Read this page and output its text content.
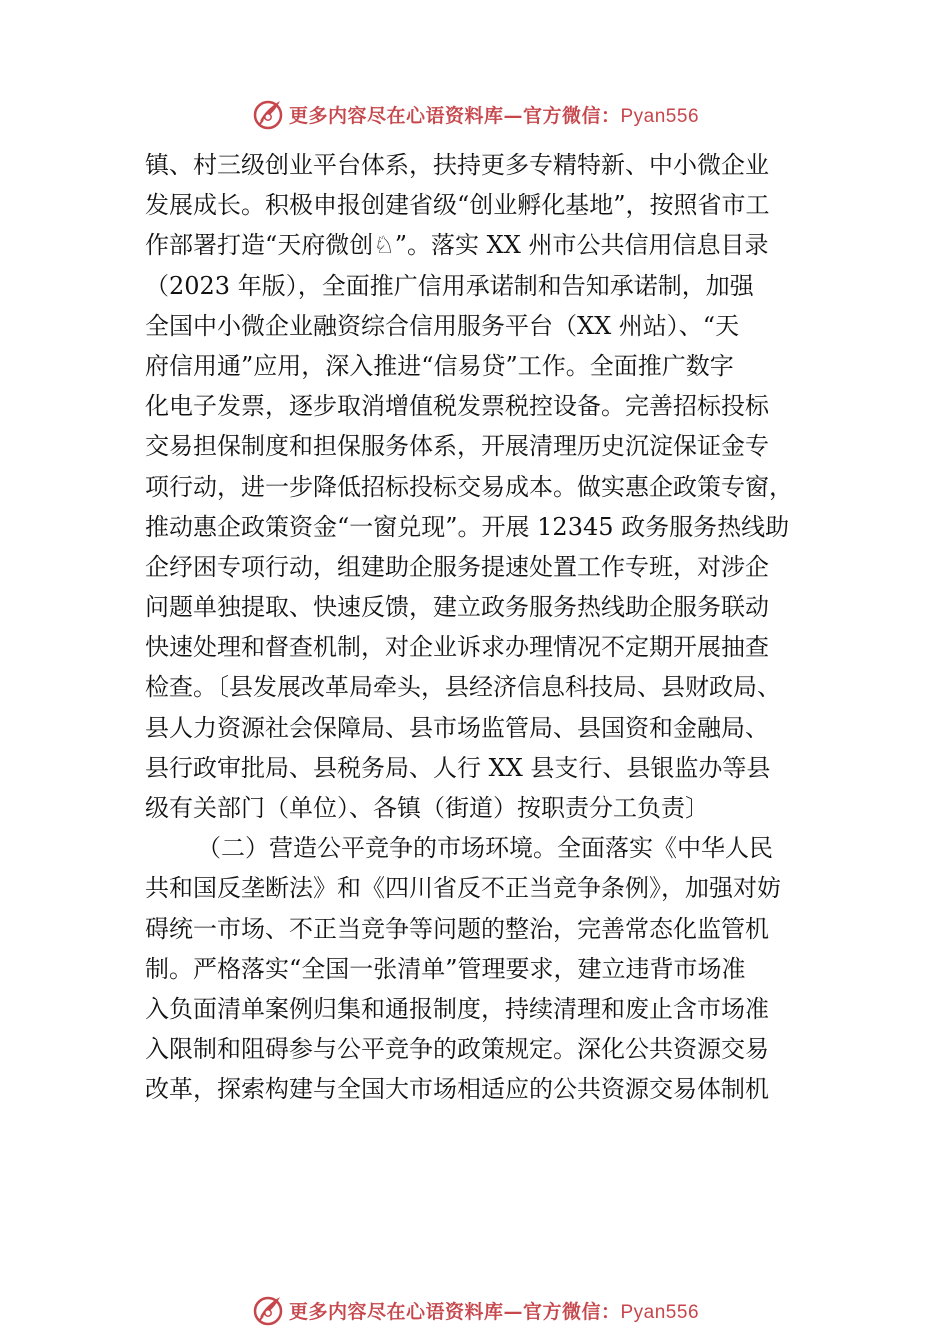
更多内容尽在心语资料库—官方微信：Pyan556
镇、村三级创业平台体系，扶持更多专精特新、中小微企业
发展成长。积极申报创建省级“创业孵化基地”，按照省市工
作部署打造“天府微创♘”。落实 XX 州市公共信用信息目录
（2023 年版），全面推广信用承诺制和告知承诺制，加强
全国中小微企业融资综合信用服务平台（XX 州站）、“天
府信用通”应用，深入推进“信易贷”工作。全面推广数字
化电子发票，逐步取消增值税发票税控设备。完善招标投标
交易担保制度和担保服务体系，开展清理历史沉淀保证金专
项行动，进一步降低招标投标交易成本。做实惠企政策专窗，
推动惠企政策资金“一窗兑现”。开展 12345 政务服务热线助
企纾困专项行动，组建助企服务提速处置工作专班，对涉企
问题单独提取、快速反馈，建立政务服务热线助企服务联动
快速处理和督查机制，对企业诉求办理情况不定期开展抽查
检查。〔县发展改革局牵头，县经济信息科技局、县财政局、
县人力资源社会保障局、县市场监管局、县国资和金融局、
县行政审批局、县税务局、人行 XX 县支行、县银监办等县
级有关部门（单位）、各镇（街道）按职责分工负责〕
（二）营造公平竞争的市场环境。全面落实《中华人民
共和国反垄断法》和《四川省反不正当竞争条例》，加强对妨
碍统一市场、不正当竞争等问题的整治，完善常态化监管机
制。严格落实“全国一张清单”管理要求，建立违背市场准
入负面清单案例归集和通报制度，持续清理和废止含市场准
入限制和阻碍参与公平竞争的政策规定。深化公共资源交易
改革，探索构建与全国大市场相适应的公共资源交易体制机
更多内容尽在心语资料库—官方微信：Pyan556
